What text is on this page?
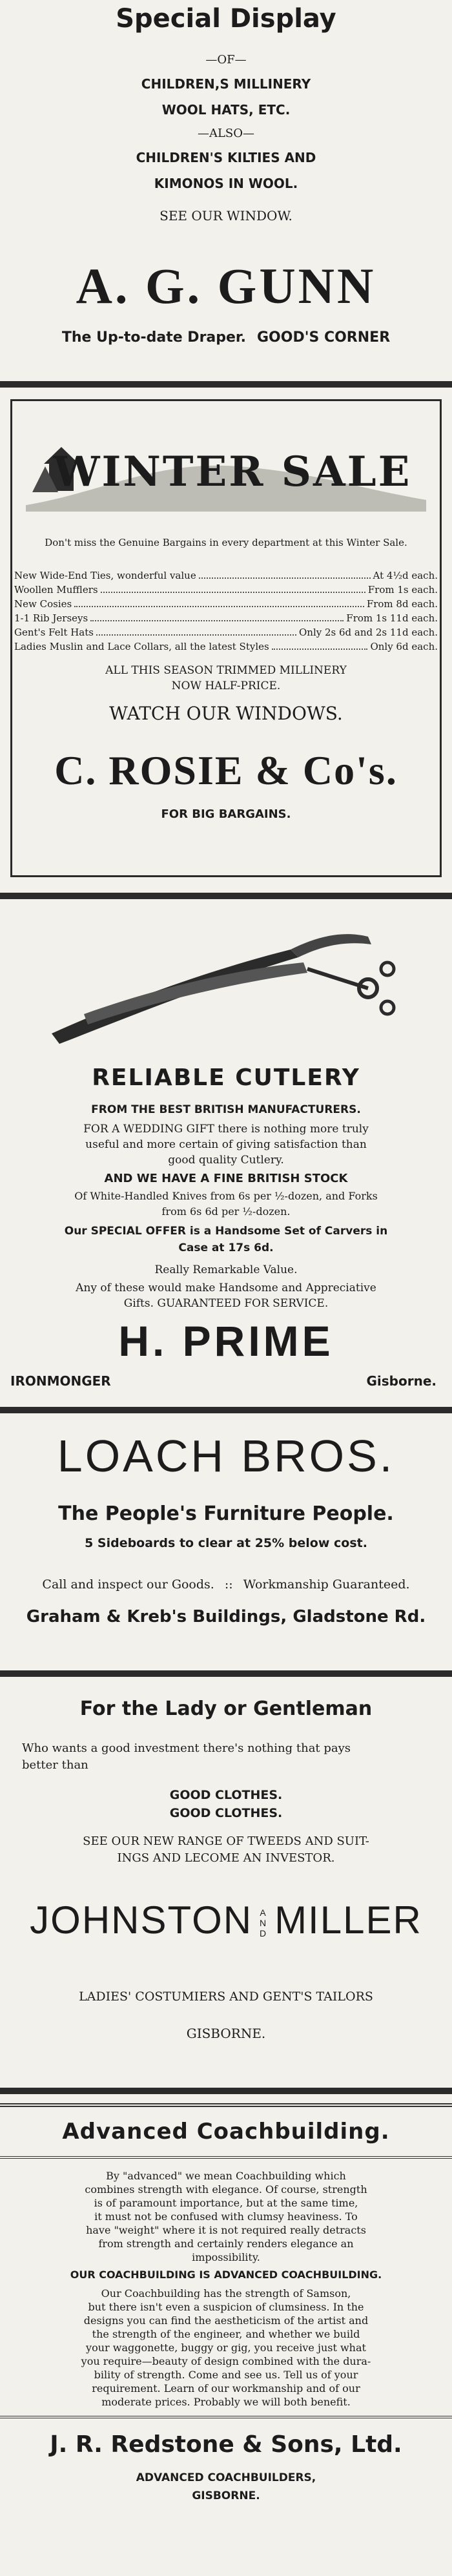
Special Display
—OF—
CHILDREN,S MILLINERY
WOOL HATS, ETC.
—ALSO—
CHILDREN'S KILTIES AND
KIMONOS IN WOOL.
SEE OUR WINDOW.
A. G. GUNN
The Up-to-date Draper. GOOD'S CORNER
WINTER SALE
Don't miss the Genuine Bargains in every department at this Winter Sale.
New Wide-End Ties, wonderful value	At 4½d each.
Woollen Mufflers	From 1s each.
New Cosies	From 8d each.
1-1 Rib Jerseys	From 1s 11d each.
Gent's Felt Hats	Only 2s 6d and 2s 11d each.
Ladies Muslin and Lace Collars, all the latest Styles	Only 6d each.
ALL THIS SEASON TRIMMED MILLINERY
NOW HALF-PRICE.
WATCH OUR WINDOWS.
C. ROSIE & Co's.
FOR BIG BARGAINS.
RELIABLE CUTLERY
FROM THE BEST BRITISH MANUFACTURERS.
FOR A WEDDING GIFT there is nothing more truly
useful and more certain of giving satisfaction than
good quality Cutlery.
AND WE HAVE A FINE BRITISH STOCK
Of White-Handled Knives from 6s per ½-dozen, and Forks
from 6s 6d per ½-dozen.
Our SPECIAL OFFER is a Handsome Set of Carvers in
Case at 17s 6d.
Really Remarkable Value.
Any of these would make Handsome and Appreciative
Gifts. GUARANTEED FOR SERVICE.
H. PRIME
IRONMONGER	Gisborne.
LOACH BROS.
The People's Furniture People.
5 Sideboards to clear at 25% below cost.
Call and inspect our Goods. :: Workmanship Guaranteed.
Graham & Kreb's Buildings, Gladstone Rd.
For the Lady or Gentleman
Who wants a good investment there's nothing that pays
better than
GOOD CLOTHES.
GOOD CLOTHES.
SEE OUR NEW RANGE OF TWEEDS AND SUIT-
INGS AND LECOME AN INVESTOR.
JOHNSTON AND MILLER
LADIES' COSTUMIERS AND GENT'S TAILORS
GISBORNE.
Advanced Coachbuilding.
By "advanced" we mean Coachbuilding which
combines strength with elegance. Of course, strength
is of paramount importance, but at the same time,
it must not be confused with clumsy heaviness. To
have "weight" where it is not required really detracts
from strength and certainly renders elegance an
impossibility.
OUR COACHBUILDING IS ADVANCED COACHBUILDING.
Our Coachbuilding has the strength of Samson,
but there isn't even a suspicion of clumsiness. In the
designs you can find the aestheticism of the artist and
the strength of the engineer, and whether we build
your waggonette, buggy or gig, you receive just what
you require—beauty of design combined with the dura-
bility of strength. Come and see us. Tell us of your
requirement. Learn of our workmanship and of our
moderate prices. Probably we will both benefit.
J. R. Redstone & Sons, Ltd.
ADVANCED COACHBUILDERS,
GISBORNE.
